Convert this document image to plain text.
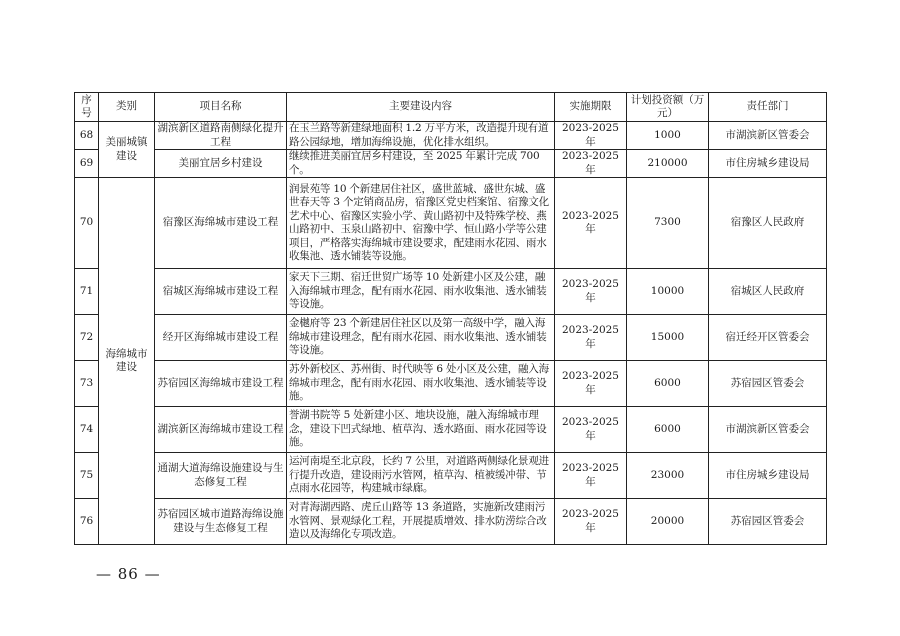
序号	类别	项目名称	主要建设内容	实施期限	计划投资额（万元）	责任部门
68	美丽城镇建设	湖滨新区道路南侧绿化提升工程	在玉兰路等新建绿地面积 1.2 万平方米，改造提升现有道路公园绿地，增加海绵设施，优化排水组织。	2023-2025 年	1000	市湖滨新区管委会
69		美丽宜居乡村建设	继续推进美丽宜居乡村建设，至 2025 年累计完成 700 个。	2023-2025 年	210000	市住房城乡建设局
70	海绵城市建设	宿豫区海绵城市建设工程	润景苑等 10 个新建居住社区，盛世蓝城、盛世东城、盛世春天等 3 个定销商品房，宿豫区党史档案馆、宿豫文化艺术中心、宿豫区实验小学、黄山路初中及特殊学校、燕山路初中、玉泉山路初中、宿豫中学、恒山路小学等公建项目，严格落实海绵城市建设要求，配建雨水花园、雨水收集池、透水铺装等设施。	2023-2025 年	7300	宿豫区人民政府
71		宿城区海绵城市建设工程	家天下三期、宿迁世贸广场等 10 处新建小区及公建，融入海绵城市理念，配有雨水花园、雨水收集池、透水铺装等设施。	2023-2025 年	10000	宿城区人民政府
72		经开区海绵城市建设工程	金樾府等 23 个新建居住社区以及第一高级中学，融入海绵城市建设理念，配有雨水花园、雨水收集池、透水铺装等设施。	2023-2025 年	15000	宿迁经开区管委会
73		苏宿园区海绵城市建设工程	苏外新校区、苏州街、时代映等 6 处小区及公建，融入海绵城市理念，配有雨水花园、雨水收集池、透水铺装等设施。	2023-2025 年	6000	苏宿园区管委会
74		湖滨新区海绵城市建设工程	誉湖书院等 5 处新建小区、地块设施，融入海绵城市理念，建设下凹式绿地、植草沟、透水路面、雨水花园等设施。	2023-2025 年	6000	市湖滨新区管委会
75		通湖大道海绵设施建设与生态修复工程	运河南堤至北京段，长约 7 公里，对道路两侧绿化景观进行提升改造，建设雨污水管网，植草沟、植被缓冲带、节点雨水花园等，构建城市绿廊。	2023-2025 年	23000	市住房城乡建设局
76		苏宿园区城市道路海绵设施建设与生态修复工程	对青海湖西路、虎丘山路等 13 条道路，实施新改建雨污水管网、景观绿化工程，开展提质增效、排水防涝综合改造以及海绵化专项改造。	2023-2025 年	20000	苏宿园区管委会
— 86 —
